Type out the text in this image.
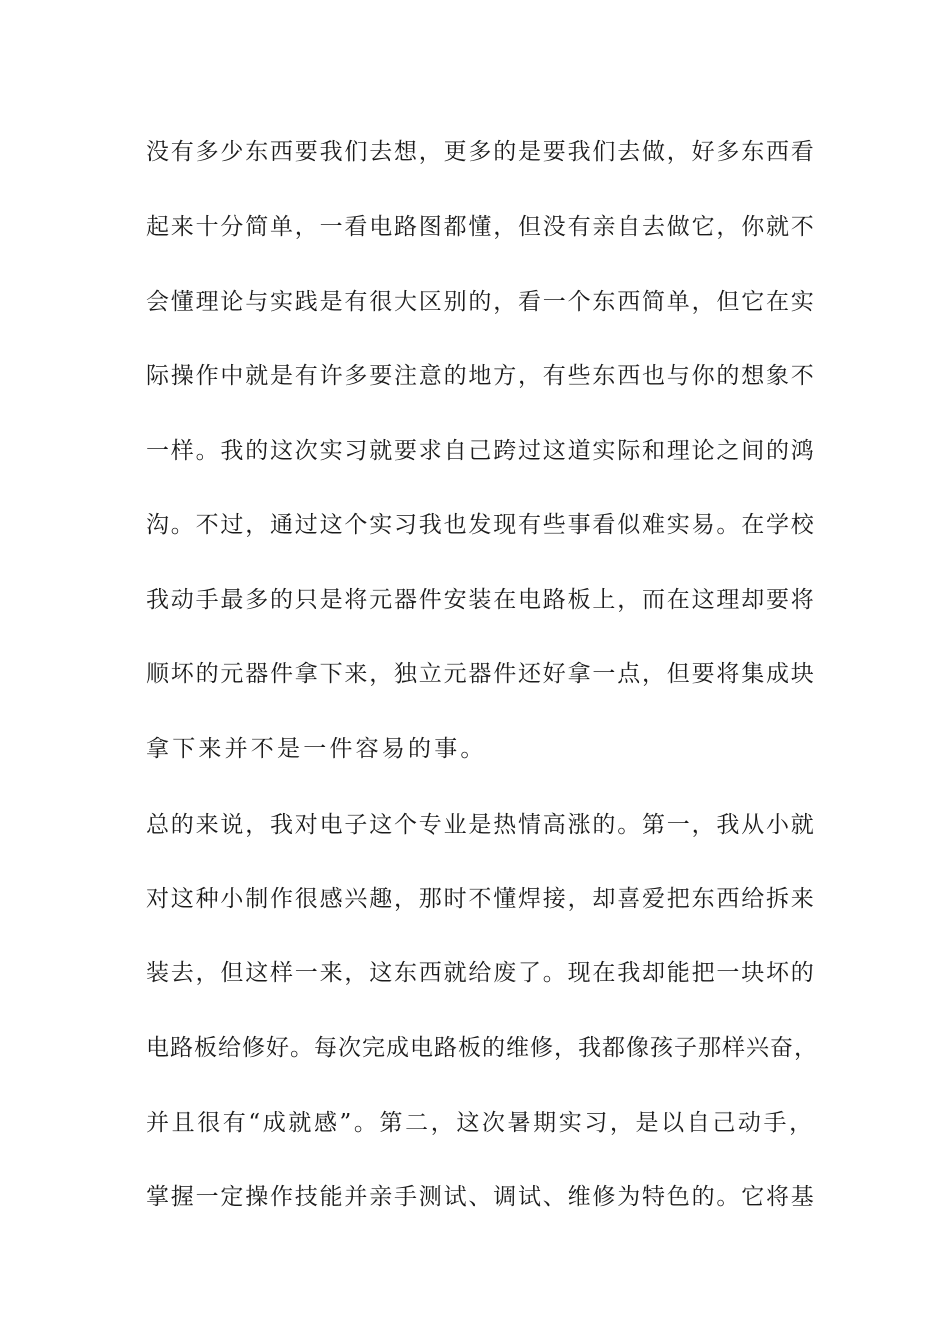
没有多少东西要我们去想，更多的是要我们去做，好多东西看
起来十分简单，一看电路图都懂，但没有亲自去做它，你就不
会懂理论与实践是有很大区别的，看一个东西简单，但它在实
际操作中就是有许多要注意的地方，有些东西也与你的想象不
一样。我的这次实习就要求自己跨过这道实际和理论之间的鸿
沟。不过，通过这个实习我也发现有些事看似难实易。在学校
我动手最多的只是将元器件安装在电路板上，而在这理却要将
顺坏的元器件拿下来，独立元器件还好拿一点，但要将集成块
拿下来并不是一件容易的事。
总的来说，我对电子这个专业是热情高涨的。第一，我从小就
对这种小制作很感兴趣，那时不懂焊接，却喜爱把东西给拆来
装去，但这样一来，这东西就给废了。现在我却能把一块坏的
电路板给修好。每次完成电路板的维修，我都像孩子那样兴奋，
并且很有“成就感”。第二，这次暑期实习，是以自己动手，
掌握一定操作技能并亲手测试、调试、维修为特色的。它将基
